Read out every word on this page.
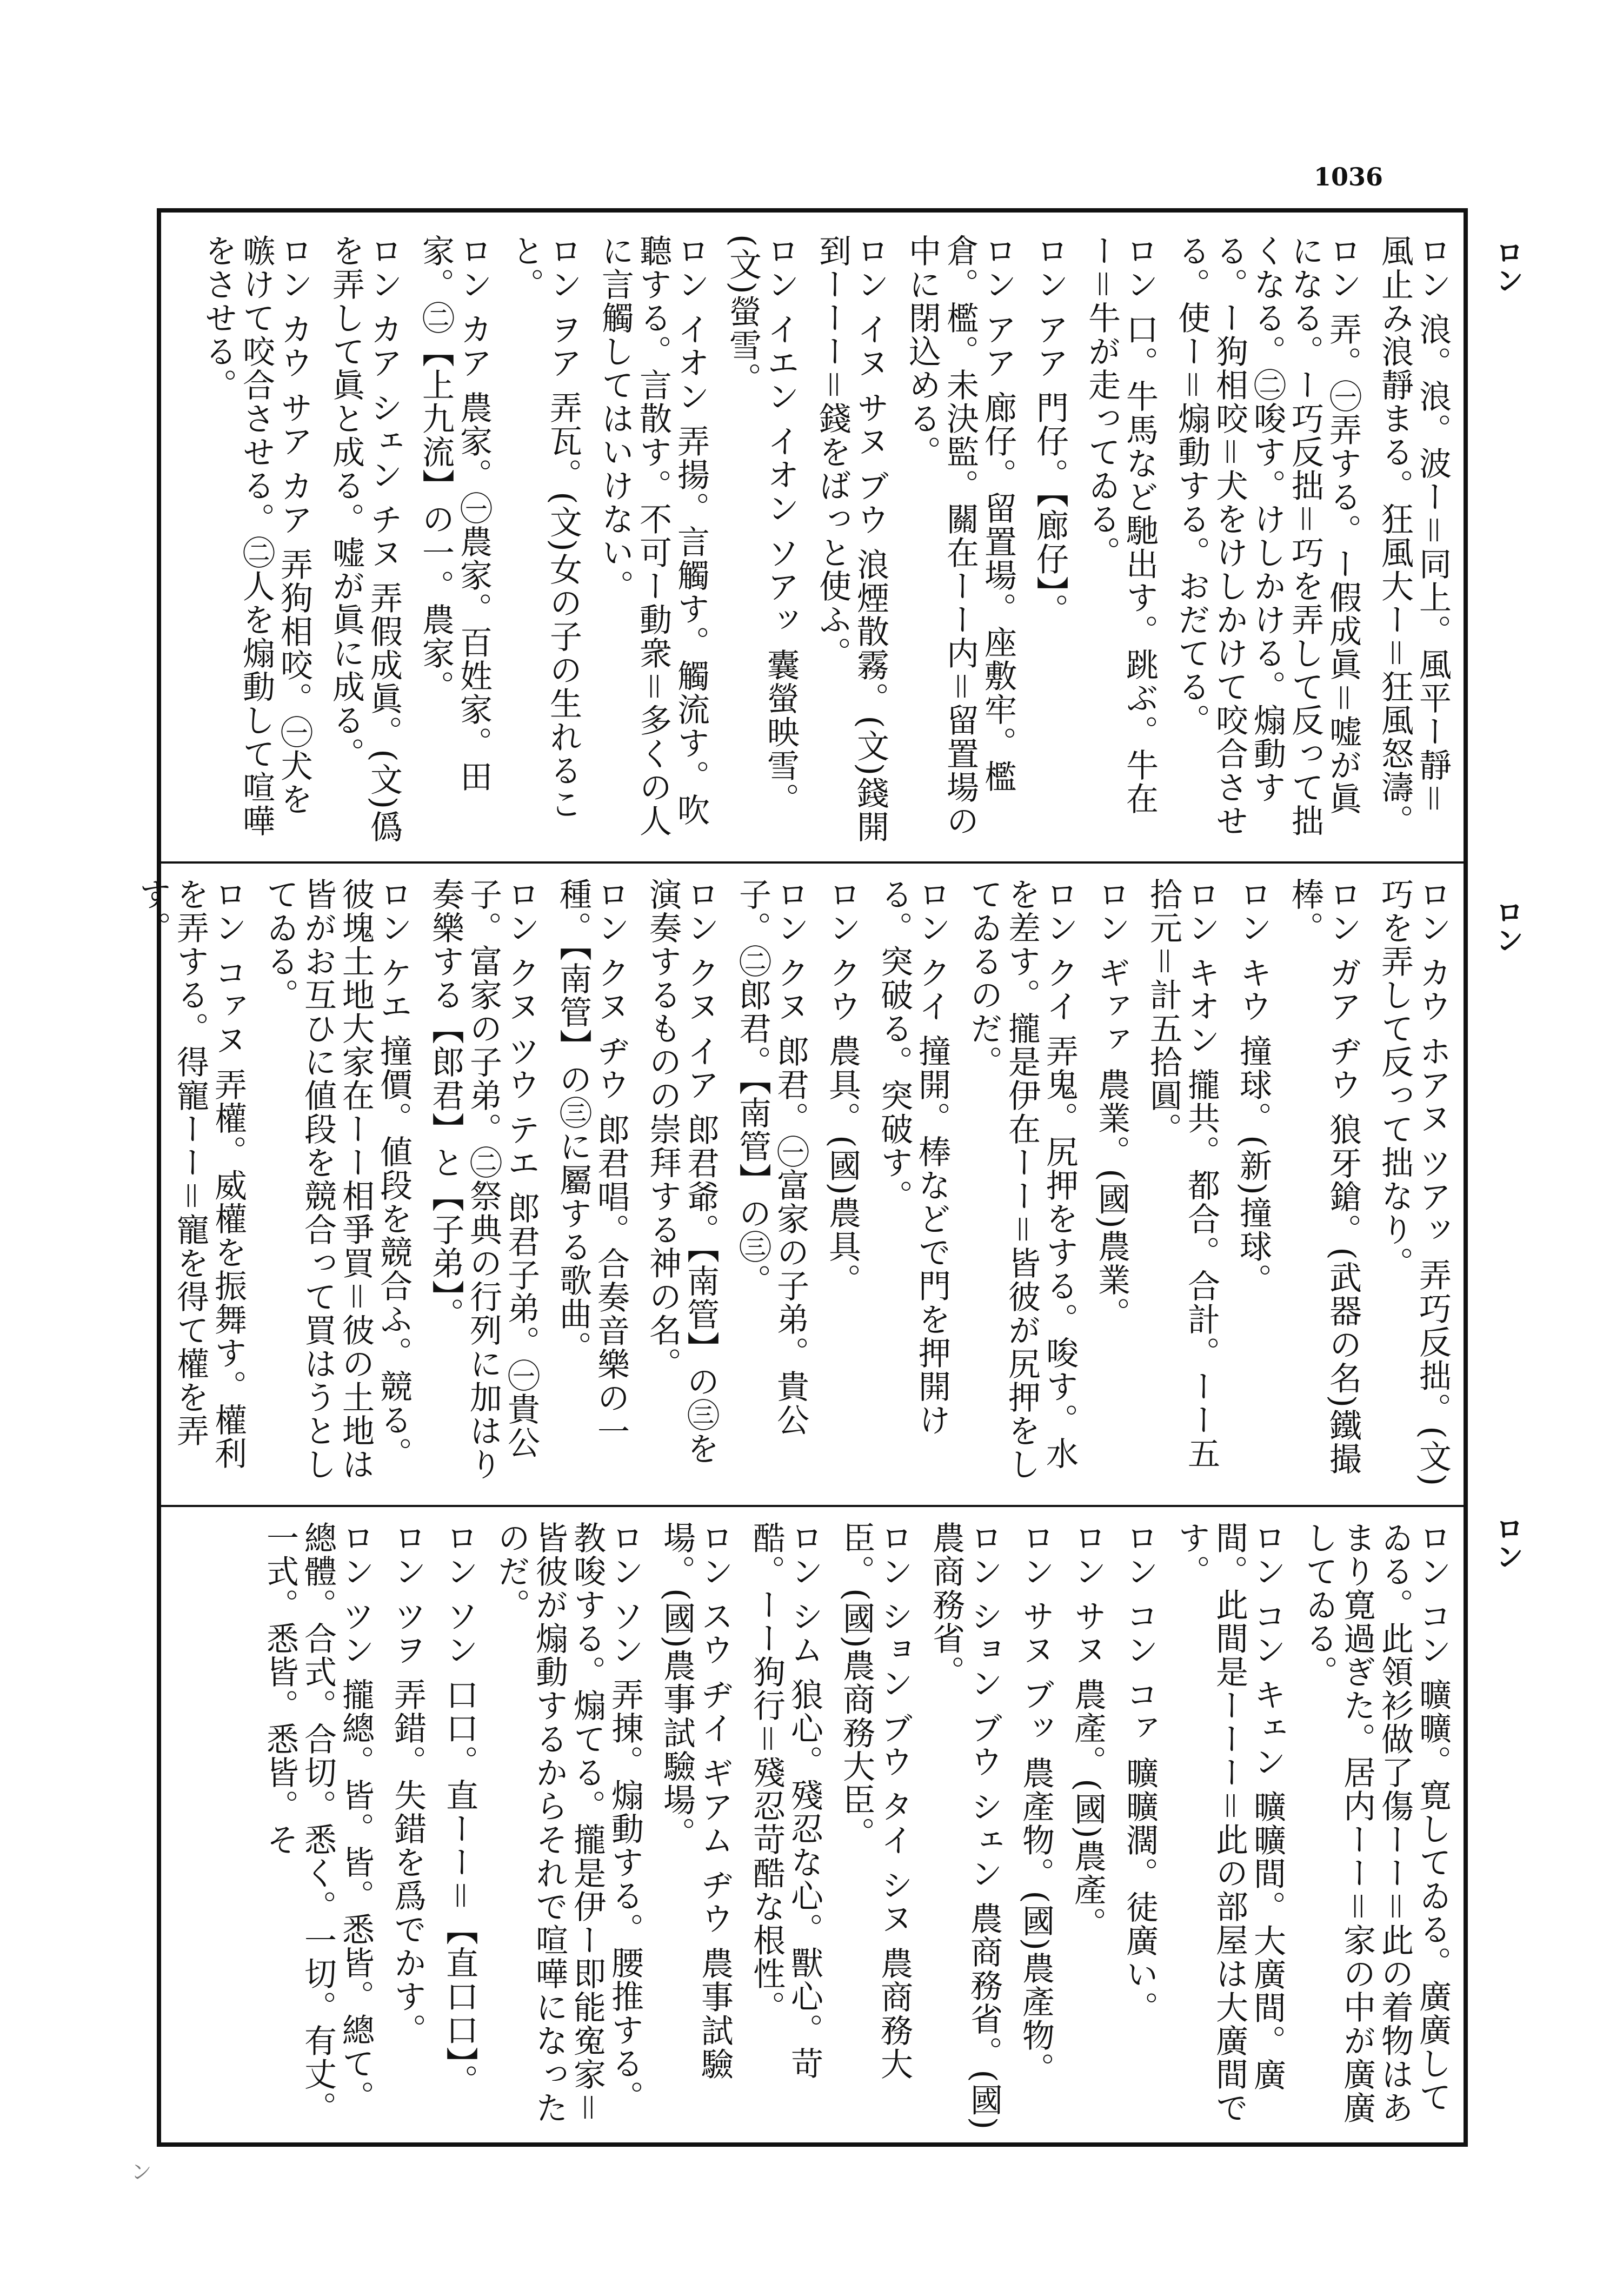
1036
ロン
ロン
ロン
ロン 浪。浪。波ー＝同上。風平ー靜＝風止み浪靜まる。狂風大ー＝狂風怒濤。
ロン 弄。㊀弄する。ー假成眞＝嘘が眞になる。ー巧反拙＝巧を弄して反って拙くなる。㊁唆す。けしかける。煽動する。ー狗相咬＝犬をけしかけて咬合させる。使ー＝煽動する。おだてる。
ロン 口。牛馬など馳出す。跳ぶ。牛在ー＝牛が走ってゐる。
ロン アア 門仔。【廊仔】。
ロン アア 廊仔。留置場。座敷牢。檻倉。檻。未決監。關在ーー内＝留置場の中に閉込める。
ロン イヌ サヌ ブウ 浪煙散霧。(文)錢開到ーーー＝錢をばっと使ふ。
ロン イエン イオン ソアッ 囊螢映雪。(文)螢雪。
ロン イオン 弄揚。言觸す。觸流す。吹聽する。言散す。不可ー動衆＝多くの人に言觸してはいけない。
ロン ヲア 弄瓦。(文)女の子の生れること。
ロン カア 農家。㊀農家。百姓家。田家。㊁【上九流】の一。農家。
ロン カア シェン チヌ 弄假成眞。(文)僞を弄して眞と成る。嘘が眞に成る。
ロン カウ サア カア 弄狗相咬。㊀犬を嗾けて咬合させる。㊁人を煽動して喧嘩をさせる。
ロン カウ ホアヌ ツアッ 弄巧反拙。(文)巧を弄して反って拙なり。
ロン ガア ヂウ 狼牙鎗。(武器の名)鐵撮棒。
ロン キウ 撞球。(新)撞球。
ロン キオン 攏共。都合。合計。ーー五拾元＝計五拾圓。
ロン ギァァ 農業。(國)農業。
ロン クイ 弄鬼。尻押をする。唆す。水を差す。攏是伊在ーー＝皆彼が尻押をしてゐるのだ。
ロン クイ 撞開。棒などで門を押開ける。突破る。突破す。
ロン クウ 農具。(國)農具。
ロン クヌ 郎君。㊀富家の子弟。貴公子。㊁郎君。【南管】の㊂。
ロン クヌ イア 郎君爺。【南管】の㊂を演奏するものの崇拜する神の名。
ロン クヌ ヂウ 郎君唱。合奏音樂の一種。【南管】の㊂に屬する歌曲。
ロン クヌ ツウ テエ 郎君子弟。㊀貴公子。富家の子弟。㊁祭典の行列に加はり奏樂する【郎君】と【子弟】。
ロン ケエ 撞價。値段を競合ふ。競る。彼塊土地大家在ーー相爭買＝彼の土地は皆がお互ひに値段を競合って買はうとしてゐる。
ロン コァヌ 弄權。威權を振舞す。權利を弄する。得寵ーー＝寵を得て權を弄す。
ロン コン 曠曠。寛してゐる。廣廣してゐる。此領衫做了傷ーー＝此の着物はあまり寛過ぎた。居内ーー＝家の中が廣廣してゐる。
ロン コン キェン 曠曠間。大廣間。廣間。此間是ーーー＝此の部屋は大廣間です。
ロン コン コァ 曠曠濶。徒廣い。
ロン サヌ 農產。(國)農產。
ロン サヌ ブッ 農產物。(國)農產物。
ロン ション ブウ シェン 農商務省。(國)農商務省。
ロン ション ブウ タイ シヌ 農商務大臣。(國)農商務大臣。
ロン シム 狼心。殘忍な心。獸心。苛酷。ーー狗行＝殘忍苛酷な根性。
ロン スウ ヂイ ギアム ヂウ 農事試驗場。(國)農事試驗場。
ロン ソン 弄㨂。煽動する。腰推する。教唆する。煽てる。攏是伊ー即能寃家＝皆彼が煽動するからそれで喧嘩になったのだ。
ロン ソン 口口。直ーー＝【直口口】。
ロン ツヲ 弄錯。失錯を爲でかす。
ロン ツン 攏總。皆。皆。悉皆。總て。總體。合式。合切。悉く。一切。有丈。一式。悉皆。悉皆。そ
ン
